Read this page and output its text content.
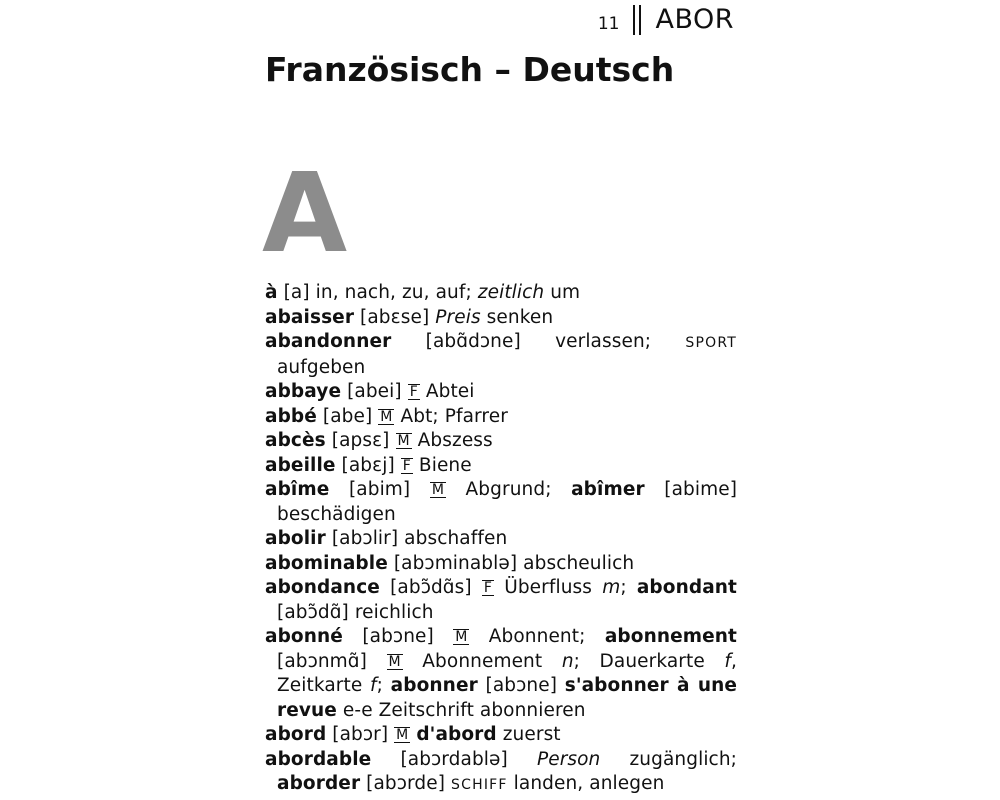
11 ABOR
Französisch – Deutsch
A

à [a] in, nach, zu, auf; zeitlich um

abaisser [abɛse] Preis senken

abandonner [abɑ̃dɔne] verlassen; SPORT aufgeben

abbaye [abei] F Abtei

abbé [abe] M Abt; Pfarrer

abcès [apsɛ] M Abszess

abeille [abɛj] F Biene

abîme [abim] M Abgrund; abîmer [abime] beschädigen

abolir [abɔlir] abschaffen

abominable [abɔminablə] abscheulich

abondance [abɔ̃dɑ̃s] F Überfluss m; abondant [abɔ̃dɑ̃] reichlich

abonné [abɔne] M Abonnent; abonnement [abɔnmɑ̃] M Abonnement n; Dauerkarte f, Zeitkarte f; abonner [abɔne] s'abonner à une revue e-e Zeitschrift abonnieren

abord [abɔr] M d'abord zuerst

abordable [abɔrdablə] Person zugänglich; aborder [abɔrde] SCHIFF landen, anlegen
